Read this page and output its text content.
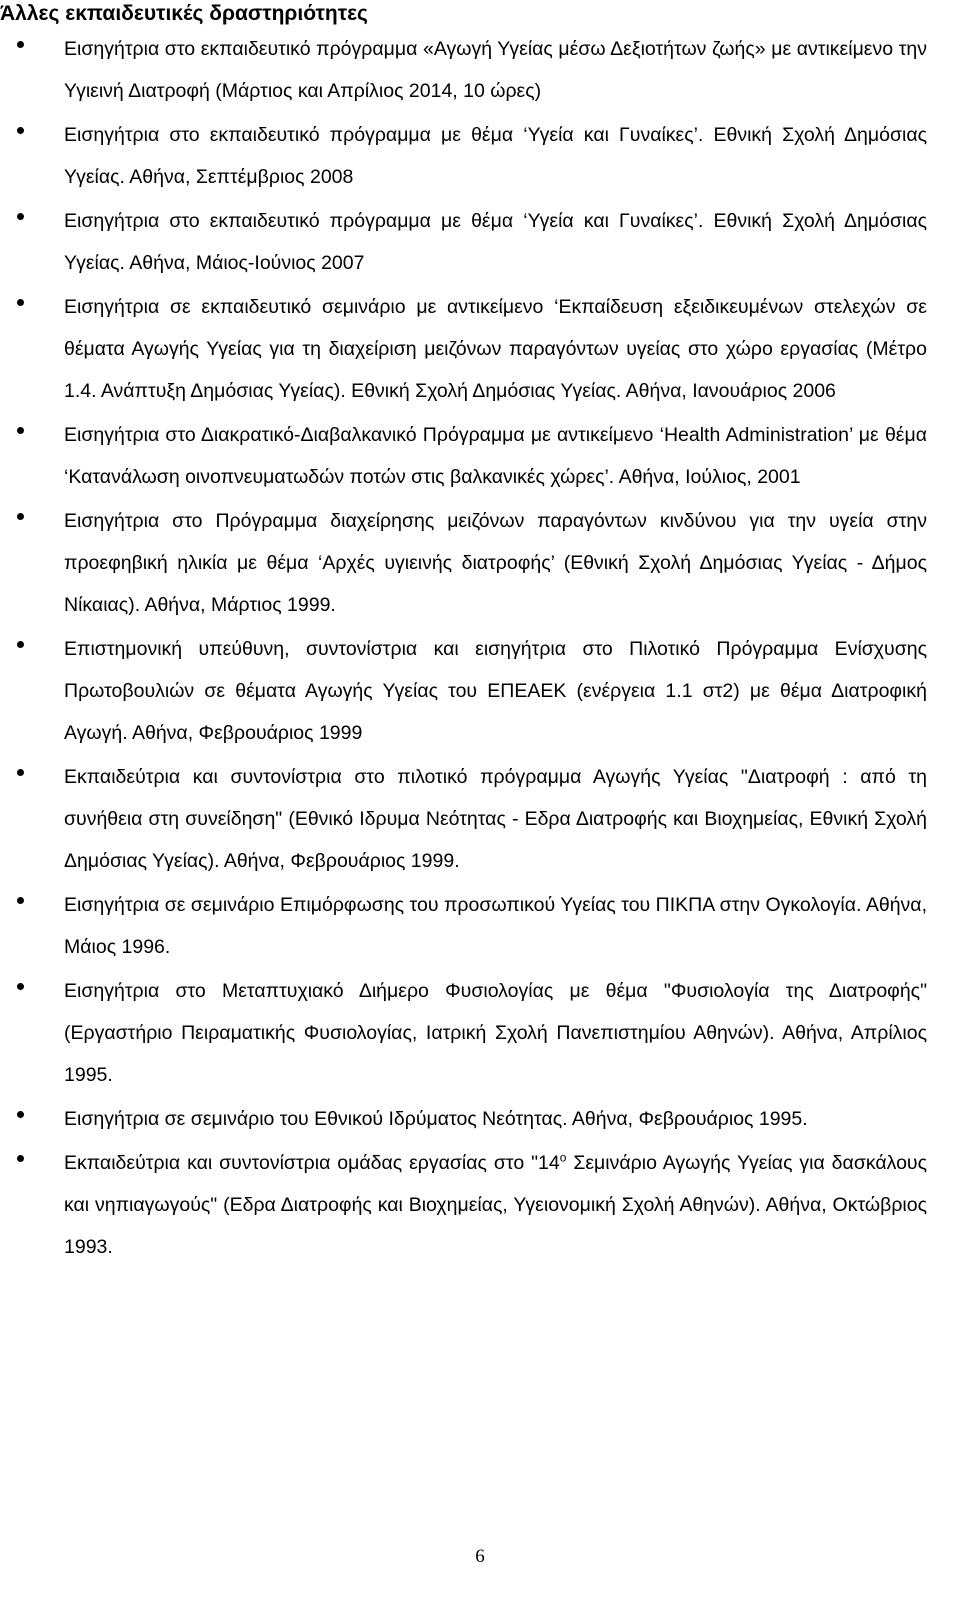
Άλλες εκπαιδευτικές δραστηριότητες
Εισηγήτρια στο εκπαιδευτικό πρόγραμμα «Αγωγή Υγείας μέσω Δεξιοτήτων ζωής» με αντικείμενο την Υγιεινή Διατροφή (Μάρτιος και Απρίλιος 2014, 10 ώρες)
Εισηγήτρια στο εκπαιδευτικό πρόγραμμα με θέμα ‘Υγεία και Γυναίκες’. Εθνική Σχολή Δημόσιας Υγείας. Αθήνα, Σεπτέμβριος 2008
Εισηγήτρια στο εκπαιδευτικό πρόγραμμα με θέμα ‘Υγεία και Γυναίκες’. Εθνική Σχολή Δημόσιας Υγείας. Αθήνα, Μάιος-Ιούνιος 2007
Εισηγήτρια σε εκπαιδευτικό σεμινάριο με αντικείμενο ‘Εκπαίδευση εξειδικευμένων στελεχών σε θέματα Αγωγής Υγείας για τη διαχείριση μειζόνων παραγόντων υγείας στο χώρο εργασίας (Μέτρο 1.4. Ανάπτυξη Δημόσιας Υγείας). Εθνική Σχολή Δημόσιας Υγείας. Αθήνα, Ιανουάριος 2006
Εισηγήτρια στο Διακρατικό-Διαβαλκανικό Πρόγραμμα με αντικείμενο ‘Health Administration’ με θέμα ‘Κατανάλωση οινοπνευματωδών ποτών στις βαλκανικές χώρες’. Αθήνα, Ιούλιος, 2001
Εισηγήτρια στο Πρόγραμμα διαχείρησης μειζόνων παραγόντων κινδύνου για την υγεία στην προεφηβική ηλικία με θέμα ‘Αρχές υγιεινής διατροφής’ (Εθνική Σχολή Δημόσιας Υγείας - Δήμος Νίκαιας). Αθήνα, Μάρτιος 1999.
Επιστημονική υπεύθυνη, συντονίστρια και εισηγήτρια στο Πιλοτικό Πρόγραμμα Ενίσχυσης Πρωτοβουλιών σε θέματα Αγωγής Υγείας του ΕΠΕΑΕΚ (ενέργεια 1.1 στ2) με θέμα Διατροφική Αγωγή. Αθήνα, Φεβρουάριος 1999
Εκπαιδεύτρια και συντονίστρια στο πιλοτικό πρόγραμμα Αγωγής Υγείας "Διατροφή : από τη συνήθεια στη συνείδηση" (Εθνικό Ιδρυμα Νεότητας - Εδρα Διατροφής και Βιοχημείας, Εθνική Σχολή Δημόσιας Υγείας). Αθήνα, Φεβρουάριος 1999.
Εισηγήτρια σε σεμινάριο Επιμόρφωσης του προσωπικού Υγείας του ΠΙΚΠΑ στην Ογκολογία. Αθήνα, Μάιος 1996.
Εισηγήτρια στο Μεταπτυχιακό Διήμερο Φυσιολογίας με θέμα "Φυσιολογία της Διατροφής" (Εργαστήριο Πειραματικής Φυσιολογίας, Ιατρική Σχολή Πανεπιστημίου Αθηνών). Αθήνα, Απρίλιος 1995.
Εισηγήτρια σε σεμινάριο του Εθνικού Ιδρύματος Νεότητας. Αθήνα, Φεβρουάριος 1995.
Εκπαιδεύτρια και συντονίστρια ομάδας εργασίας στο "$14^o$ Σεμινάριο Αγωγής Υγείας για δασκάλους και νηπιαγωγούς" (Εδρα Διατροφής και Βιοχημείας, Υγειονομική Σχολή Αθηνών). Αθήνα, Οκτώβριος 1993.
6
